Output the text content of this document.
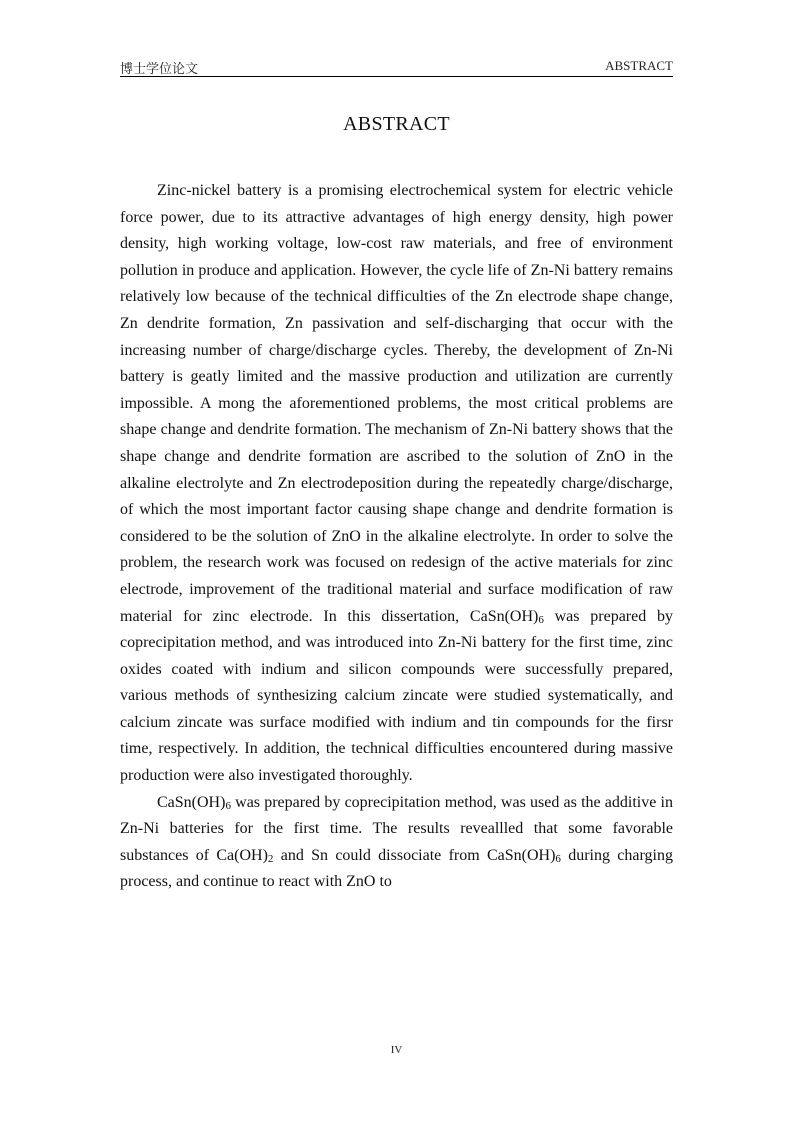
博士学位论文	ABSTRACT
ABSTRACT

Zinc-nickel battery is a promising electrochemical system for electric vehicle force power, due to its attractive advantages of high energy density, high power density, high working voltage, low-cost raw materials, and free of environment pollution in produce and application. However, the cycle life of Zn-Ni battery remains relatively low because of the technical difficulties of the Zn electrode shape change, Zn dendrite formation, Zn passivation and self-discharging that occur with the increasing number of charge/discharge cycles. Thereby, the development of Zn-Ni battery is geatly limited and the massive production and utilization are currently impossible. A mong the aforementioned problems, the most critical problems are shape change and dendrite formation. The mechanism of Zn-Ni battery shows that the shape change and dendrite formation are ascribed to the solution of ZnO in the alkaline electrolyte and Zn electrodeposition during the repeatedly charge/discharge, of which the most important factor causing shape change and dendrite formation is considered to be the solution of ZnO in the alkaline electrolyte. In order to solve the problem, the research work was focused on redesign of the active materials for zinc electrode, improvement of the traditional material and surface modification of raw material for zinc electrode. In this dissertation, $CaSn(OH)_6$ was prepared by coprecipitation method, and was introduced into Zn-Ni battery for the first time, zinc oxides coated with indium and silicon compounds were successfully prepared, various methods of synthesizing calcium zincate were studied systematically, and calcium zincate was surface modified with indium and tin compounds for the firsr time, respectively. In addition, the technical difficulties encountered during massive production were also investigated thoroughly.

$CaSn(OH)_6$ was prepared by coprecipitation method, was used as the additive in Zn-Ni batteries for the first time. The results reveallled that some favorable substances of $Ca(OH)_2$ and Sn could dissociate from $CaSn(OH)_6$ during charging process, and continue to react with ZnO to

IV
